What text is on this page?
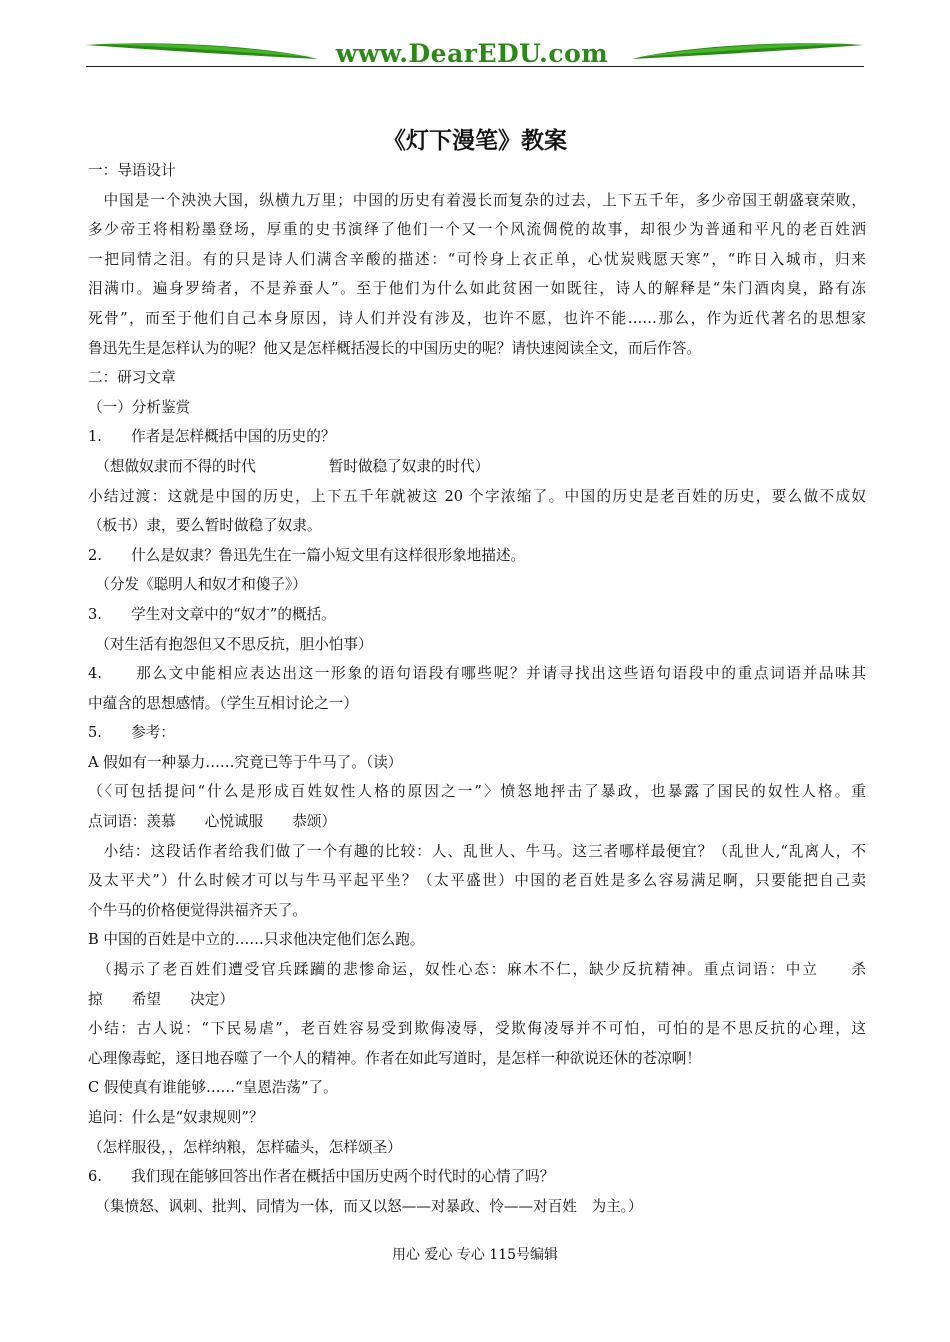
www.DearEDU.com
《灯下漫笔》教案
一：导语设计
　中国是一个泱泱大国，纵横九万里；中国的历史有着漫长而复杂的过去，上下五千年，多少帝国王朝盛衰荣败，
多少帝王将相粉墨登场，厚重的史书演绎了他们一个又一个风流倜傥的故事，却很少为普通和平凡的老百姓洒
一把同情之泪。有的只是诗人们满含辛酸的描述：“可怜身上衣正单，心忧炭贱愿天寒”，“昨日入城市，归来
泪满巾。遍身罗绮者，不是养蚕人”。至于他们为什么如此贫困一如既往，诗人的解释是“朱门酒肉臭，路有冻
死骨”，而至于他们自己本身原因，诗人们并没有涉及，也许不愿，也许不能……那么，作为近代著名的思想家
鲁迅先生是怎样认为的呢？他又是怎样概括漫长的中国历史的呢？请快速阅读全文，而后作答。
二：研习文章
（一）分析鉴赏
1.　　作者是怎样概括中国的历史的？
　（想做奴隶而不得的时代　　　　　暂时做稳了奴隶的时代）
小结过渡：这就是中国的历史，上下五千年就被这 20 个字浓缩了。中国的历史是老百姓的历史，要么做不成奴
（板书）隶，要么暂时做稳了奴隶。
2.　　什么是奴隶？鲁迅先生在一篇小短文里有这样很形象地描述。
　（分发《聪明人和奴才和傻子》）
3.　　学生对文章中的“奴才”的概括。
　（对生活有抱怨但又不思反抗，胆小怕事）
4.　　那么文中能相应表达出这一形象的语句语段有哪些呢？并请寻找出这些语句语段中的重点词语并品味其
中蕴含的思想感情。（学生互相讨论之一）
5.　　参考：
A 假如有一种暴力……究竟已等于牛马了。（读）
（〈可包括提问“什么是形成百姓奴性人格的原因之一”〉愤怒地抨击了暴政，也暴露了国民的奴性人格。重
点词语：羡慕　　心悦诚服　　恭颂）
　小结：这段话作者给我们做了一个有趣的比较：人、乱世人、牛马。这三者哪样最便宜？（乱世人,“乱离人，不
及太平犬”）什么时候才可以与牛马平起平坐？（太平盛世）中国的老百姓是多么容易满足啊，只要能把自己卖
个牛马的价格便觉得洪福齐天了。
B 中国的百姓是中立的……只求他决定他们怎么跑。
　（揭示了老百姓们遭受官兵蹂躏的悲惨命运，奴性心态：麻木不仁，缺少反抗精神。重点词语：中立　　杀
掠　　希望　　决定）
小结：古人说：“下民易虐”，老百姓容易受到欺侮凌辱，受欺侮凌辱并不可怕，可怕的是不思反抗的心理，这
心理像毒蛇，逐日地吞噬了一个人的精神。作者在如此写道时，是怎样一种欲说还休的苍凉啊！
C 假使真有谁能够……“皇恩浩荡”了。
追问：什么是“奴隶规则”？
（怎样服役，，怎样纳粮，怎样磕头，怎样颂圣）
6.　　我们现在能够回答出作者在概括中国历史两个时代时的心情了吗？
　（集愤怒、讽刺、批判、同情为一体，而又以怒——对暴政、怜——对百姓　为主。）
用心 爱心 专心 115号编辑
